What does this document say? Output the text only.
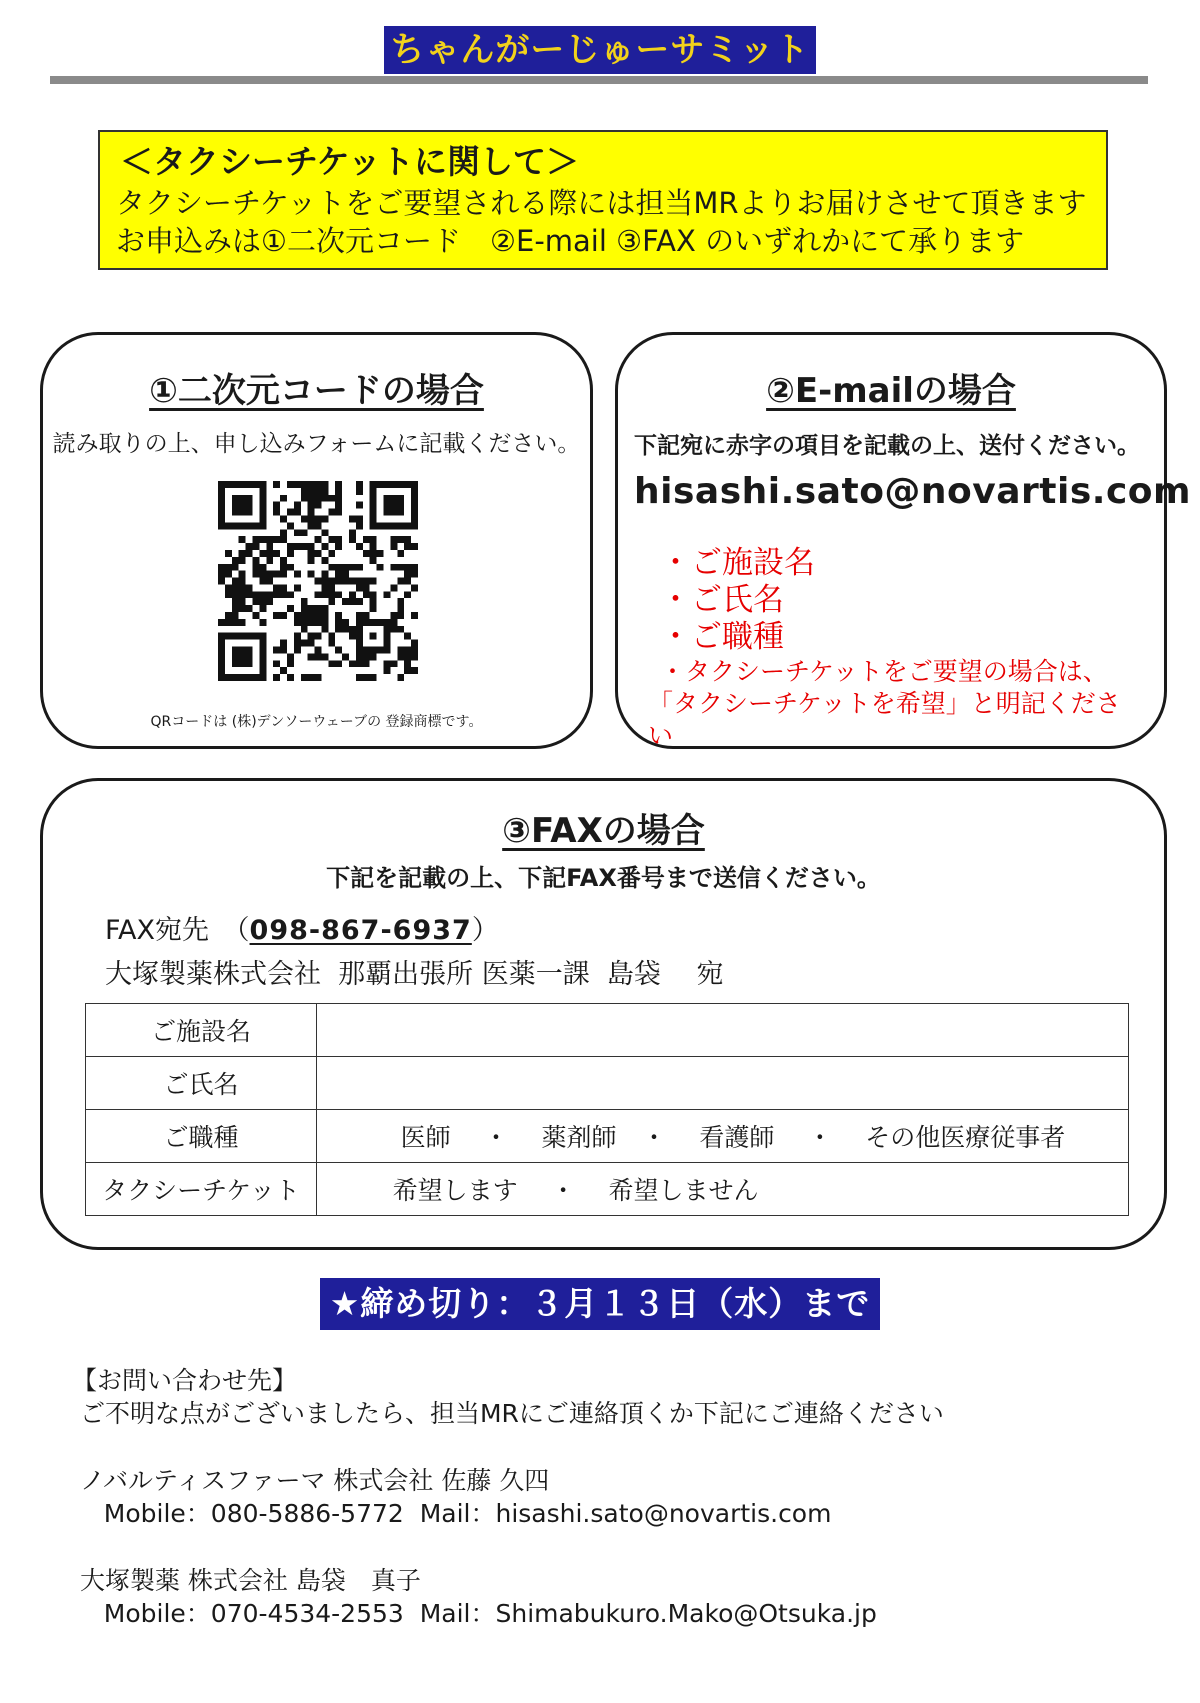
ちゃんがーじゅーサミット
＜タクシーチケットに関して＞
タクシーチケットをご要望される際には担当MRよりお届けさせて頂きます
お申込みは①二次元コード　②E-mail ③FAX のいずれかにて承ります
①二次元コードの場合
読み取りの上、申し込みフォームに記載ください。
QRコードは (株)デンソーウェーブの 登録商標です。
②E-mailの場合
下記宛に赤字の項目を記載の上、送付ください。
hisashi.sato@novartis.com
・ご施設名
・ご氏名
・ご職種
・タクシーチケットをご要望の場合は、
「タクシーチケットを希望」と明記ください
③FAXの場合
下記を記載の上、下記FAX番号まで送信ください。
FAX宛先　（098-867-6937）
大塚製薬株式会社  那覇出張所 医薬一課  島袋　 宛
ご施設名	
ご氏名	
ご職種	医師　 ・　 薬剤師　・　 看護師　 ・　 その他医療従事者
タクシーチケット	希望します　 ・　 希望しません
★締め切り：３月１３日（水）まで
【お問い合わせ先】
ご不明な点がございましたら、担当MRにご連絡頂くか下記にご連絡ください
ノバルティスファーマ 株式会社 佐藤 久四
Mobile：080-5886-5772  Mail：hisashi.sato@novartis.com
大塚製薬 株式会社 島袋　真子
Mobile：070-4534-2553  Mail：Shimabukuro.Mako@Otsuka.jp
